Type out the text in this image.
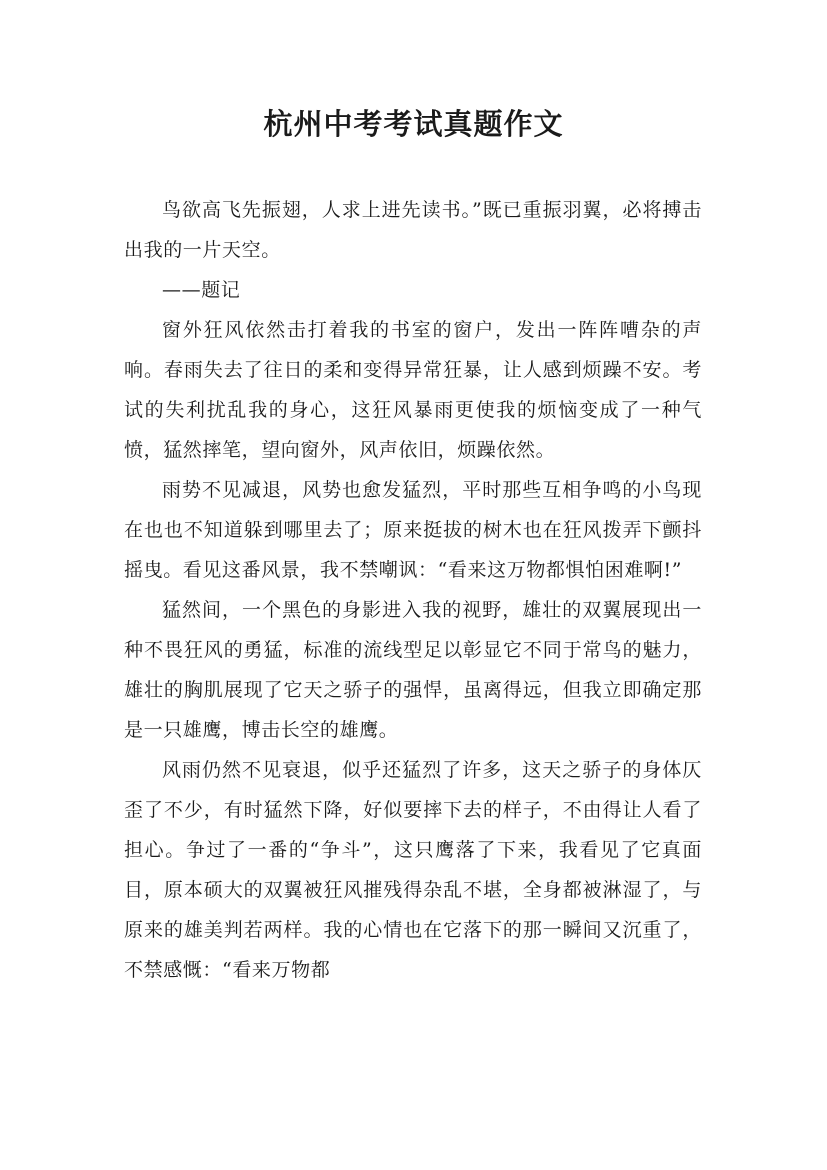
杭州中考考试真题作文

鸟欲高飞先振翅，人求上进先读书。”既已重振羽翼，必将搏击出我的一片天空。

——题记

窗外狂风依然击打着我的书室的窗户，发出一阵阵嘈杂的声响。春雨失去了往日的柔和变得异常狂暴，让人感到烦躁不安。考试的失利扰乱我的身心，这狂风暴雨更使我的烦恼变成了一种气愤，猛然摔笔，望向窗外，风声依旧，烦躁依然。

雨势不见减退，风势也愈发猛烈，平时那些互相争鸣的小鸟现在也也不知道躲到哪里去了；原来挺拔的树木也在狂风拨弄下颤抖摇曳。看见这番风景，我不禁嘲讽：“看来这万物都惧怕困难啊!”

猛然间，一个黑色的身影进入我的视野，雄壮的双翼展现出一种不畏狂风的勇猛，标准的流线型足以彰显它不同于常鸟的魅力，雄壮的胸肌展现了它天之骄子的强悍，虽离得远，但我立即确定那是一只雄鹰，博击长空的雄鹰。

风雨仍然不见衰退，似乎还猛烈了许多，这天之骄子的身体仄歪了不少，有时猛然下降，好似要摔下去的样子，不由得让人看了担心。争过了一番的“争斗”，这只鹰落了下来，我看见了它真面目，原本硕大的双翼被狂风摧残得杂乱不堪，全身都被淋湿了，与原来的雄美判若两样。我的心情也在它落下的那一瞬间又沉重了，不禁感慨：“看来万物都
